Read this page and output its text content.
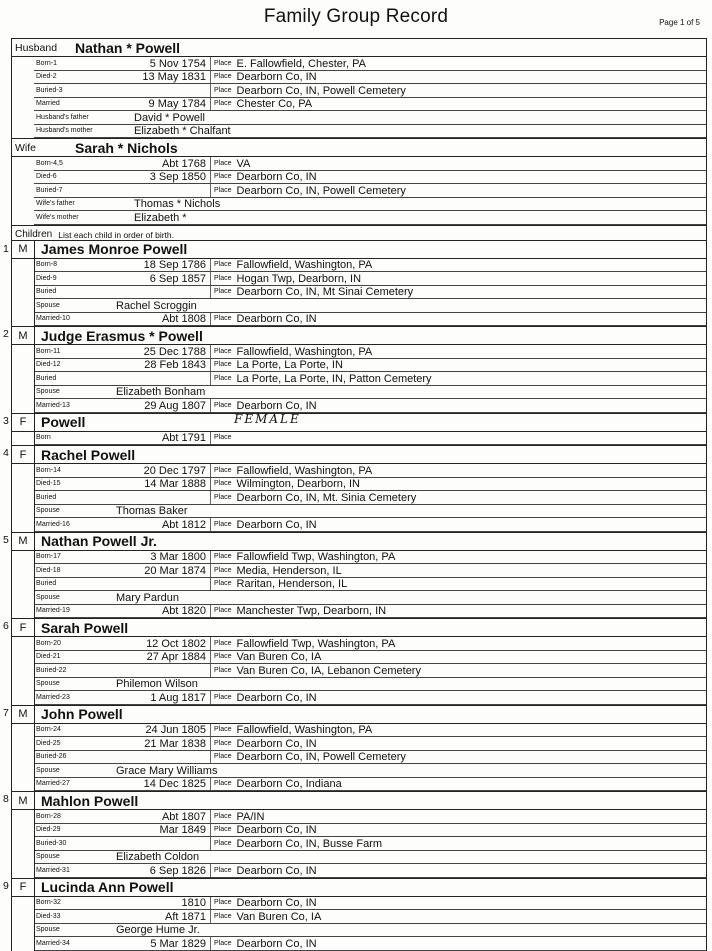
Family Group Record	Page 1 of 5
Husband	Nathan * Powell
Born-1	5 Nov 1754	Place E. Fallowfield, Chester, PA
Died-2	13 May 1831	Place Dearborn Co, IN
Buried-3	Place Dearborn Co, IN, Powell Cemetery
Married	9 May 1784	Place Chester Co, PA
Husband's father	David * Powell
Husband's mother	Elizabeth * Chalfant
Wife	Sarah * Nichols
Born-4,5	Abt 1768	Place VA
Died-6	3 Sep 1850	Place Dearborn Co, IN
Buried-7	Place Dearborn Co, IN, Powell Cemetery
Wife's father	Thomas * Nichols
Wife's mother	Elizabeth *
Children List each child in order of birth.
1 M James Monroe Powell
Born-8	18 Sep 1786	Place Fallowfield, Washington, PA
Died-9	6 Sep 1857	Place Hogan Twp, Dearborn, IN
Buried	Place Dearborn Co, IN, Mt Sinai Cemetery
Spouse	Rachel Scroggin
Married-10	Abt 1808	Place Dearborn Co, IN
2 M Judge Erasmus * Powell
Born-11	25 Dec 1788	Place Fallowfield, Washington, PA
Died-12	28 Feb 1843	Place La Porte, La Porte, IN
Buried	Place La Porte, La Porte, IN, Patton Cemetery
Spouse	Elizabeth Bonham
Married-13	29 Aug 1807	Place Dearborn Co, IN
3 F	Powell
Born	Abt 1791	Place
FEMALE
4 F	Rachel Powell
Born-14	20 Dec 1797	Place Fallowfield, Washington, PA
Died-15	14 Mar 1888	Place Wilmington, Dearborn, IN
Buried	Place Dearborn Co, IN, Mt. Sinia Cemetery
Spouse	Thomas Baker
Married-16	Abt 1812	Place Dearborn Co, IN
5 M Nathan Powell Jr.
Born-17	3 Mar 1800	Place Fallowfield Twp, Washington, PA
Died-18	20 Mar 1874	Place Media, Henderson, IL
Buried	Place Raritan, Henderson, IL
Spouse	Mary Pardun
Married-19	Abt 1820	Place Manchester Twp, Dearborn, IN
6 F	Sarah Powell
Born-20	12 Oct 1802	Place Fallowfield Twp, Washington, PA
Died-21	27 Apr 1884	Place Van Buren Co, IA
Buried-22	Place Van Buren Co, IA, Lebanon Cemetery
Spouse	Philemon Wilson
Married-23	1 Aug 1817	Place Dearborn Co, IN
7 M John Powell
Born-24	24 Jun 1805	Place Fallowfield, Washington, PA
Died-25	21 Mar 1838	Place Dearborn Co, IN
Buried-26	Place Dearborn Co, IN, Powell Cemetery
Spouse	Grace Mary Williams
Married-27	14 Dec 1825	Place Dearborn Co, Indiana
8 M Mahlon Powell
Born-28	Abt 1807	Place PA/IN
Died-29	Mar 1849	Place Dearborn Co, IN
Buried-30	Place Dearborn Co, IN, Busse Farm
Spouse	Elizabeth Coldon
Married-31	6 Sep 1826	Place Dearborn Co, IN
9 F	Lucinda Ann Powell
Born-32	1810	Place Dearborn Co, IN
Died-33	Aft 1871	Place Van Buren Co, IA
Spouse	George Hume Jr.
Married-34	5 Mar 1829	Place Dearborn Co, IN
